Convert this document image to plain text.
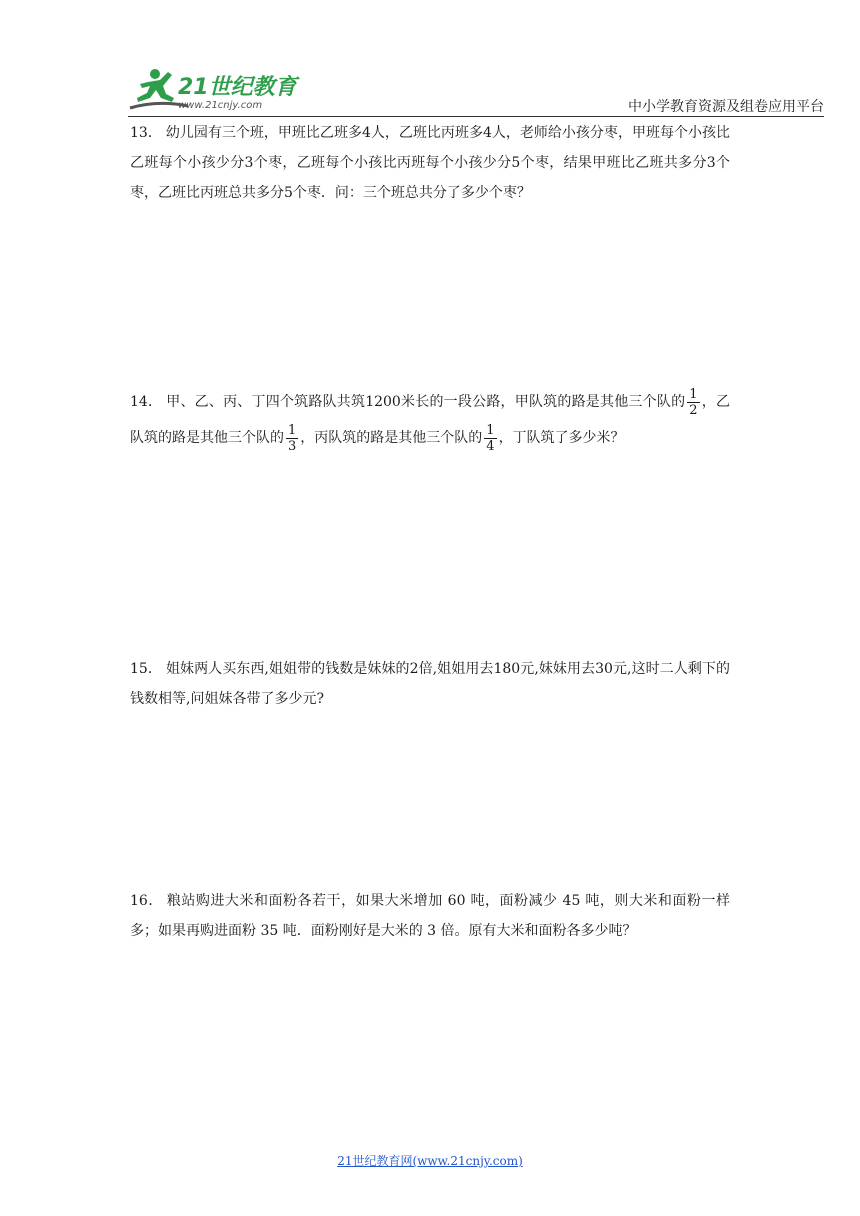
21世纪教育
www.21cnjy.com	中小学教育资源及组卷应用平台
13． 幼儿园有三个班，甲班比乙班多4人，乙班比丙班多4人，老师给小孩分枣，甲班每个小孩比乙班每个小孩少分3个枣，乙班每个小孩比丙班每个小孩少分5个枣，结果甲班比乙班共多分3个枣，乙班比丙班总共多分5个枣．问：三个班总共分了多少个枣？
14． 甲、乙、丙、丁四个筑路队共筑1200米长的一段公路，甲队筑的路是其他三个队的 $\frac{1}{2}$ ，乙队筑的路是其他三个队的 $\frac{1}{3}$ ，丙队筑的路是其他三个队的 $\frac{1}{4}$ ，丁队筑了多少米？
15． 姐妹两人买东西,姐姐带的钱数是妹妹的2倍,姐姐用去180元,妹妹用去30元,这时二人剩下的钱数相等,问姐妹各带了多少元?
16． 粮站购进大米和面粉各若干，如果大米增加 60 吨，面粉减少 45 吨，则大米和面粉一样多；如果再购进面粉 35 吨．面粉刚好是大米的 3 倍。原有大米和面粉各多少吨？
21世纪教育网(www.21cnjy.com)
